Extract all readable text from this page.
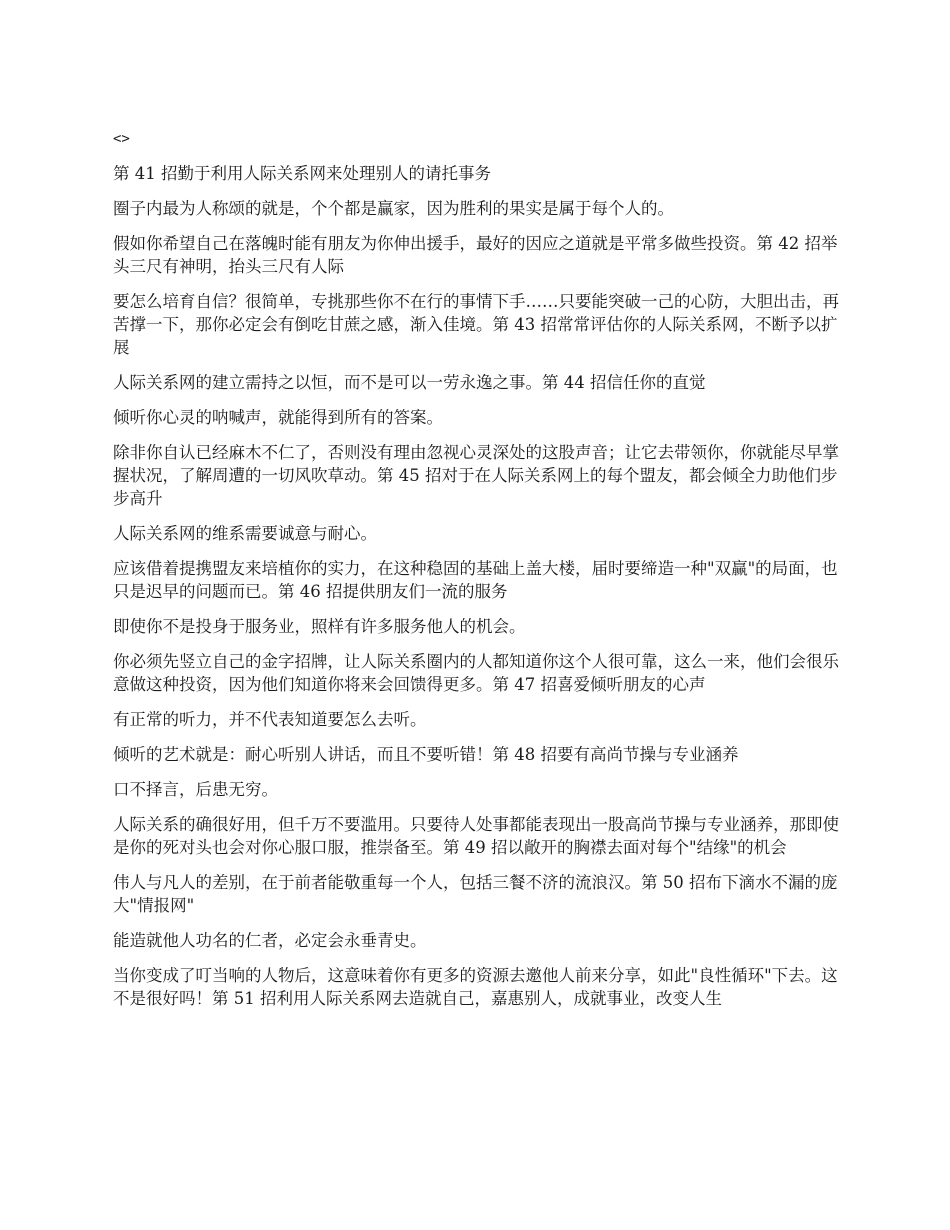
<>

第 41 招勤于利用人际关系网来处理别人的请托事务

圈子内最为人称颂的就是，个个都是赢家，因为胜利的果实是属于每个人的。

假如你希望自己在落魄时能有朋友为你伸出援手，最好的因应之道就是平常多做些投资。第 42 招举头三尺有神明，抬头三尺有人际

要怎么培育自信？很简单，专挑那些你不在行的事情下手……只要能突破一己的心防，大胆出击，再苦撑一下，那你必定会有倒吃甘蔗之感，渐入佳境。第 43 招常常评估你的人际关系网，不断予以扩展

人际关系网的建立需持之以恒，而不是可以一劳永逸之事。第 44 招信任你的直觉

倾听你心灵的呐喊声，就能得到所有的答案。

除非你自认已经麻木不仁了，否则没有理由忽视心灵深处的这股声音；让它去带领你，你就能尽早掌握状况，了解周遭的一切风吹草动。第 45 招对于在人际关系网上的每个盟友，都会倾全力助他们步步高升

人际关系网的维系需要诚意与耐心。

应该借着提携盟友来培植你的实力，在这种稳固的基础上盖大楼，届时要缔造一种"双赢"的局面，也只是迟早的问题而已。第 46 招提供朋友们一流的服务

即使你不是投身于服务业，照样有许多服务他人的机会。

你必须先竖立自己的金字招牌，让人际关系圈内的人都知道你这个人很可靠，这么一来，他们会很乐意做这种投资，因为他们知道你将来会回馈得更多。第 47 招喜爱倾听朋友的心声

有正常的听力，并不代表知道要怎么去听。

倾听的艺术就是：耐心听别人讲话，而且不要听错！第 48 招要有高尚节操与专业涵养

口不择言，后患无穷。

人际关系的确很好用，但千万不要滥用。只要待人处事都能表现出一股高尚节操与专业涵养，那即使是你的死对头也会对你心服口服，推崇备至。第 49 招以敞开的胸襟去面对每个"结缘"的机会

伟人与凡人的差别，在于前者能敬重每一个人，包括三餐不济的流浪汉。第 50 招布下滴水不漏的庞大"情报网"

能造就他人功名的仁者，必定会永垂青史。

当你变成了叮当响的人物后，这意味着你有更多的资源去邀他人前来分享，如此"良性循环"下去。这不是很好吗！第 51 招利用人际关系网去造就自己，嘉惠别人，成就事业，改变人生
